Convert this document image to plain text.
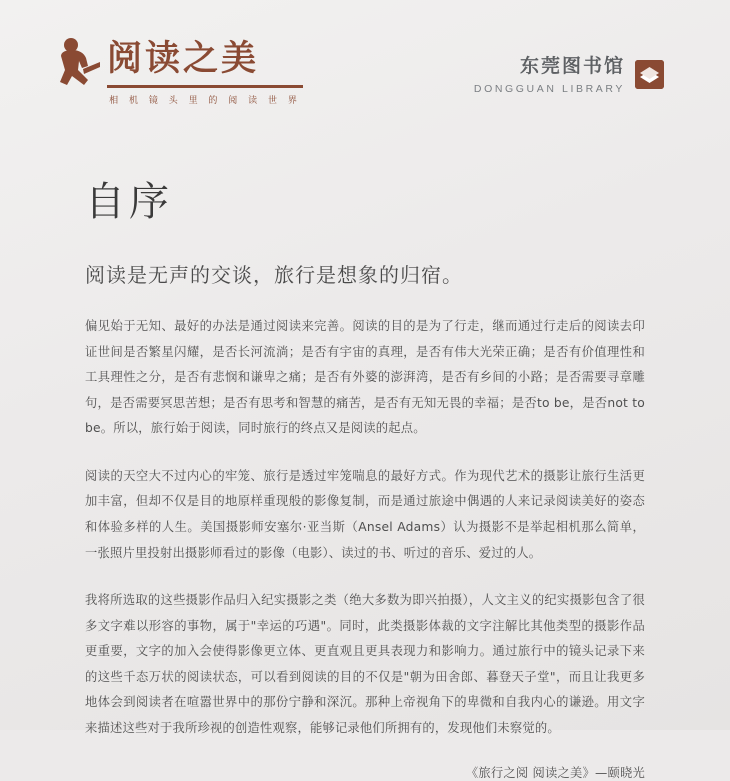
阅读之美
相 机 镜 头 里 的 阅 读 世 界
东莞图书馆
DONGGUAN LIBRARY
自序
阅读是无声的交谈，旅行是想象的归宿。

偏见始于无知、最好的办法是通过阅读来完善。阅读的目的是为了行走，继而通过行走后的阅读去印证世间是否繁星闪耀，是否长河流淌；是否有宇宙的真理，是否有伟大光荣正确；是否有价值理性和工具理性之分，是否有悲悯和谦卑之痛；是否有外婆的澎湃湾，是否有乡间的小路；是否需要寻章雕句，是否需要冥思苦想；是否有思考和智慧的痛苦，是否有无知无畏的幸福；是否to be，是否not to be。所以，旅行始于阅读，同时旅行的终点又是阅读的起点。

阅读的天空大不过内心的牢笼、旅行是透过牢笼喘息的最好方式。作为现代艺术的摄影让旅行生活更加丰富，但却不仅是目的地原样重现般的影像复制，而是通过旅途中偶遇的人来记录阅读美好的姿态和体验多样的人生。美国摄影师安塞尔·亚当斯（Ansel Adams）认为摄影不是举起相机那么简单，一张照片里投射出摄影师看过的影像（电影）、读过的书、听过的音乐、爱过的人。

我将所选取的这些摄影作品归入纪实摄影之类（绝大多数为即兴拍摄），人文主义的纪实摄影包含了很多文字难以形容的事物，属于"幸运的巧遇"。同时，此类摄影体裁的文字注解比其他类型的摄影作品更重要，文字的加入会使得影像更立体、更直观且更具表现力和影响力。通过旅行中的镜头记录下来的这些千态万状的阅读状态，可以看到阅读的目的不仅是"朝为田舍郎、暮登天子堂"，而且让我更多地体会到阅读者在喧嚣世界中的那份宁静和深沉。那种上帝视角下的卑微和自我内心的谦逊。用文字来描述这些对于我所珍视的创造性观察，能够记录他们所拥有的，发现他们未察觉的。

《旅行之阅 阅读之美》—颐晓光
